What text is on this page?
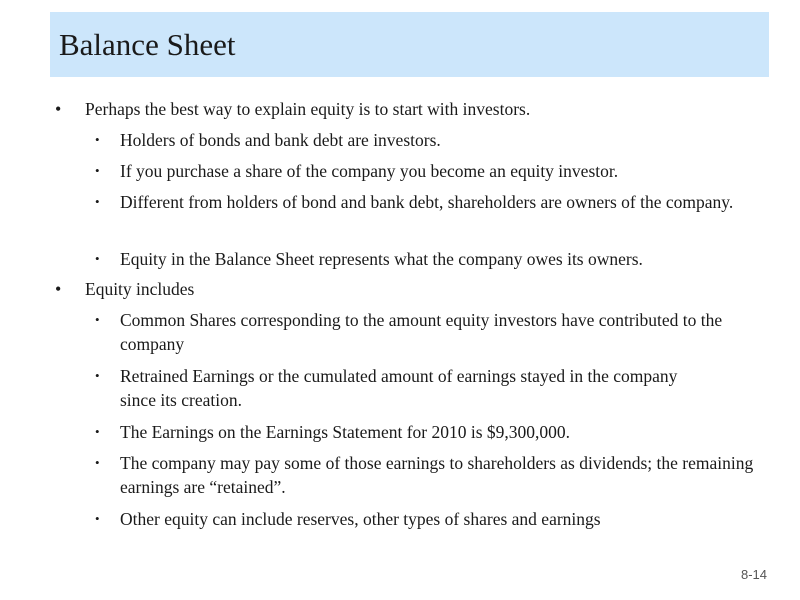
Balance Sheet
• Perhaps the best way to explain equity is to start with investors.
• Holders of bonds and bank debt are investors.
• If you purchase a share of the company you become an equity investor.
• Different from holders of bond and bank debt, shareholders are owners of the company.
• Equity in the Balance Sheet represents what the company owes its owners.
• Equity includes
• Common Shares corresponding to the amount equity investors have contributed to the company
• Retrained Earnings or the cumulated amount of earnings stayed in the company since its creation.
• The Earnings on the Earnings Statement for 2010 is $9,300,000.
• The company may pay some of those earnings to shareholders as dividends; the remaining earnings are “retained”.
• Other equity can include reserves, other types of shares and earnings
8-14
